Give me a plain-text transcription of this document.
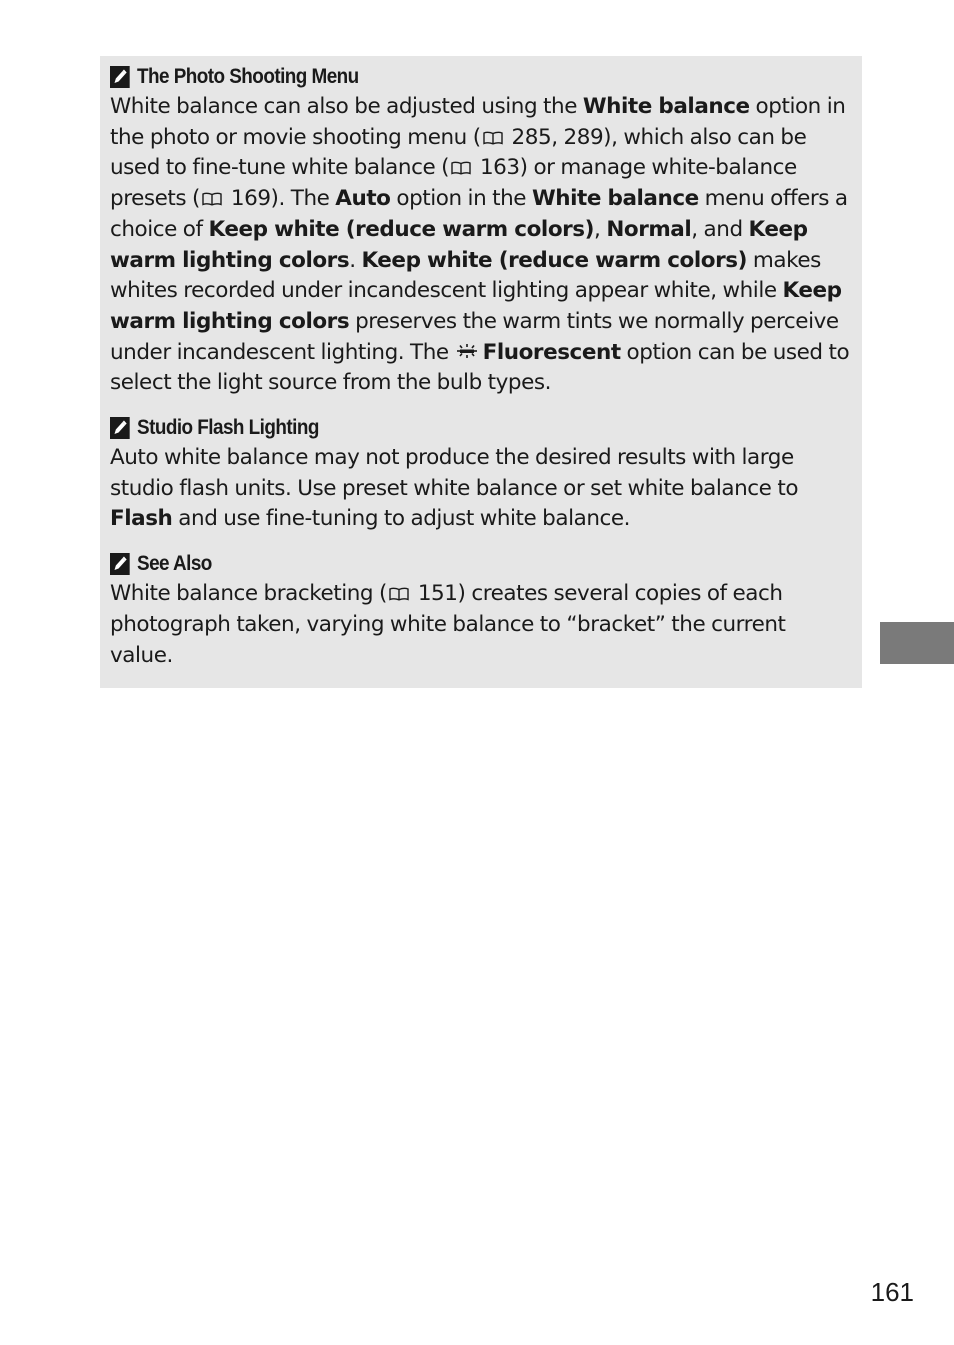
The Photo Shooting Menu

White balance can also be adjusted using the White balance option in the photo or movie shooting menu ( 285, 289), which also can be used to fine-tune white balance ( 163) or manage white-balance presets ( 169). The Auto option in the White balance menu offers a choice of Keep white (reduce warm colors), Normal, and Keep warm lighting colors. Keep white (reduce warm colors) makes whites recorded under incandescent lighting appear white, while Keep warm lighting colors preserves the warm tints we normally perceive under incandescent lighting. The Fluorescent option can be used to select the light source from the bulb types.

Studio Flash Lighting

Auto white balance may not produce the desired results with large studio flash units. Use preset white balance or set white balance to Flash and use fine-tuning to adjust white balance.

See Also

White balance bracketing ( 151) creates several copies of each photograph taken, varying white balance to “bracket” the current value.

161
